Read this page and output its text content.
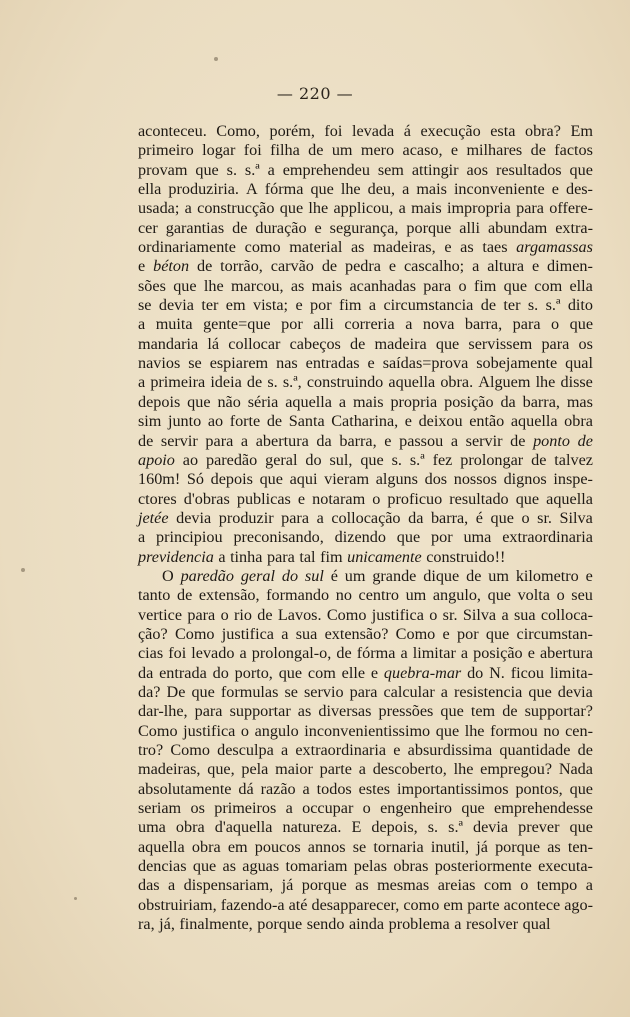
— 220 —
aconteceu. Como, porém, foi levada á execução esta obra? Em
primeiro logar foi filha de um mero acaso, e milhares de factos
provam que s. s.ª a emprehendeu sem attingir aos resultados que
ella produziria. A fórma que lhe deu, a mais inconveniente e des-
usada; a construcção que lhe applicou, a mais impropria para offere-
cer garantias de duração e segurança, porque alli abundam extra-
ordinariamente como material as madeiras, e as taes argamassas
e béton de torrão, carvão de pedra e cascalho; a altura e dimen-
sões que lhe marcou, as mais acanhadas para o fim que com ella
se devia ter em vista; e por fim a circumstancia de ter s. s.ª dito
a muita gente=que por alli correria a nova barra, para o que
mandaria lá collocar cabeços de madeira que servissem para os
navios se espiarem nas entradas e saídas=prova sobejamente qual
a primeira ideia de s. s.ª, construindo aquella obra. Alguem lhe disse
depois que não séria aquella a mais propria posição da barra, mas
sim junto ao forte de Santa Catharina, e deixou então aquella obra
de servir para a abertura da barra, e passou a servir de ponto de
apoio ao paredão geral do sul, que s. s.ª fez prolongar de talvez
160m! Só depois que aqui vieram alguns dos nossos dignos inspe-
ctores d'obras publicas e notaram o proficuo resultado que aquella
jetée devia produzir para a collocação da barra, é que o sr. Silva
a principiou preconisando, dizendo que por uma extraordinaria
previdencia a tinha para tal fim unicamente construido!!
O paredão geral do sul é um grande dique de um kilometro e
tanto de extensão, formando no centro um angulo, que volta o seu
vertice para o rio de Lavos. Como justifica o sr. Silva a sua colloca-
ção? Como justifica a sua extensão? Como e por que circumstan-
cias foi levado a prolongal-o, de fórma a limitar a posição e abertura
da entrada do porto, que com elle e quebra-mar do N. ficou limita-
da? De que formulas se servio para calcular a resistencia que devia
dar-lhe, para supportar as diversas pressões que tem de supportar?
Como justifica o angulo inconvenientissimo que lhe formou no cen-
tro? Como desculpa a extraordinaria e absurdissima quantidade de
madeiras, que, pela maior parte a descoberto, lhe empregou? Nada
absolutamente dá razão a todos estes importantissimos pontos, que
seriam os primeiros a occupar o engenheiro que emprehendesse
uma obra d'aquella natureza. E depois, s. s.ª devia prever que
aquella obra em poucos annos se tornaria inutil, já porque as ten-
dencias que as aguas tomariam pelas obras posteriormente executa-
das a dispensariam, já porque as mesmas areias com o tempo a
obstruiriam, fazendo-a até desapparecer, como em parte acontece ago-
ra, já, finalmente, porque sendo ainda problema a resolver qual
